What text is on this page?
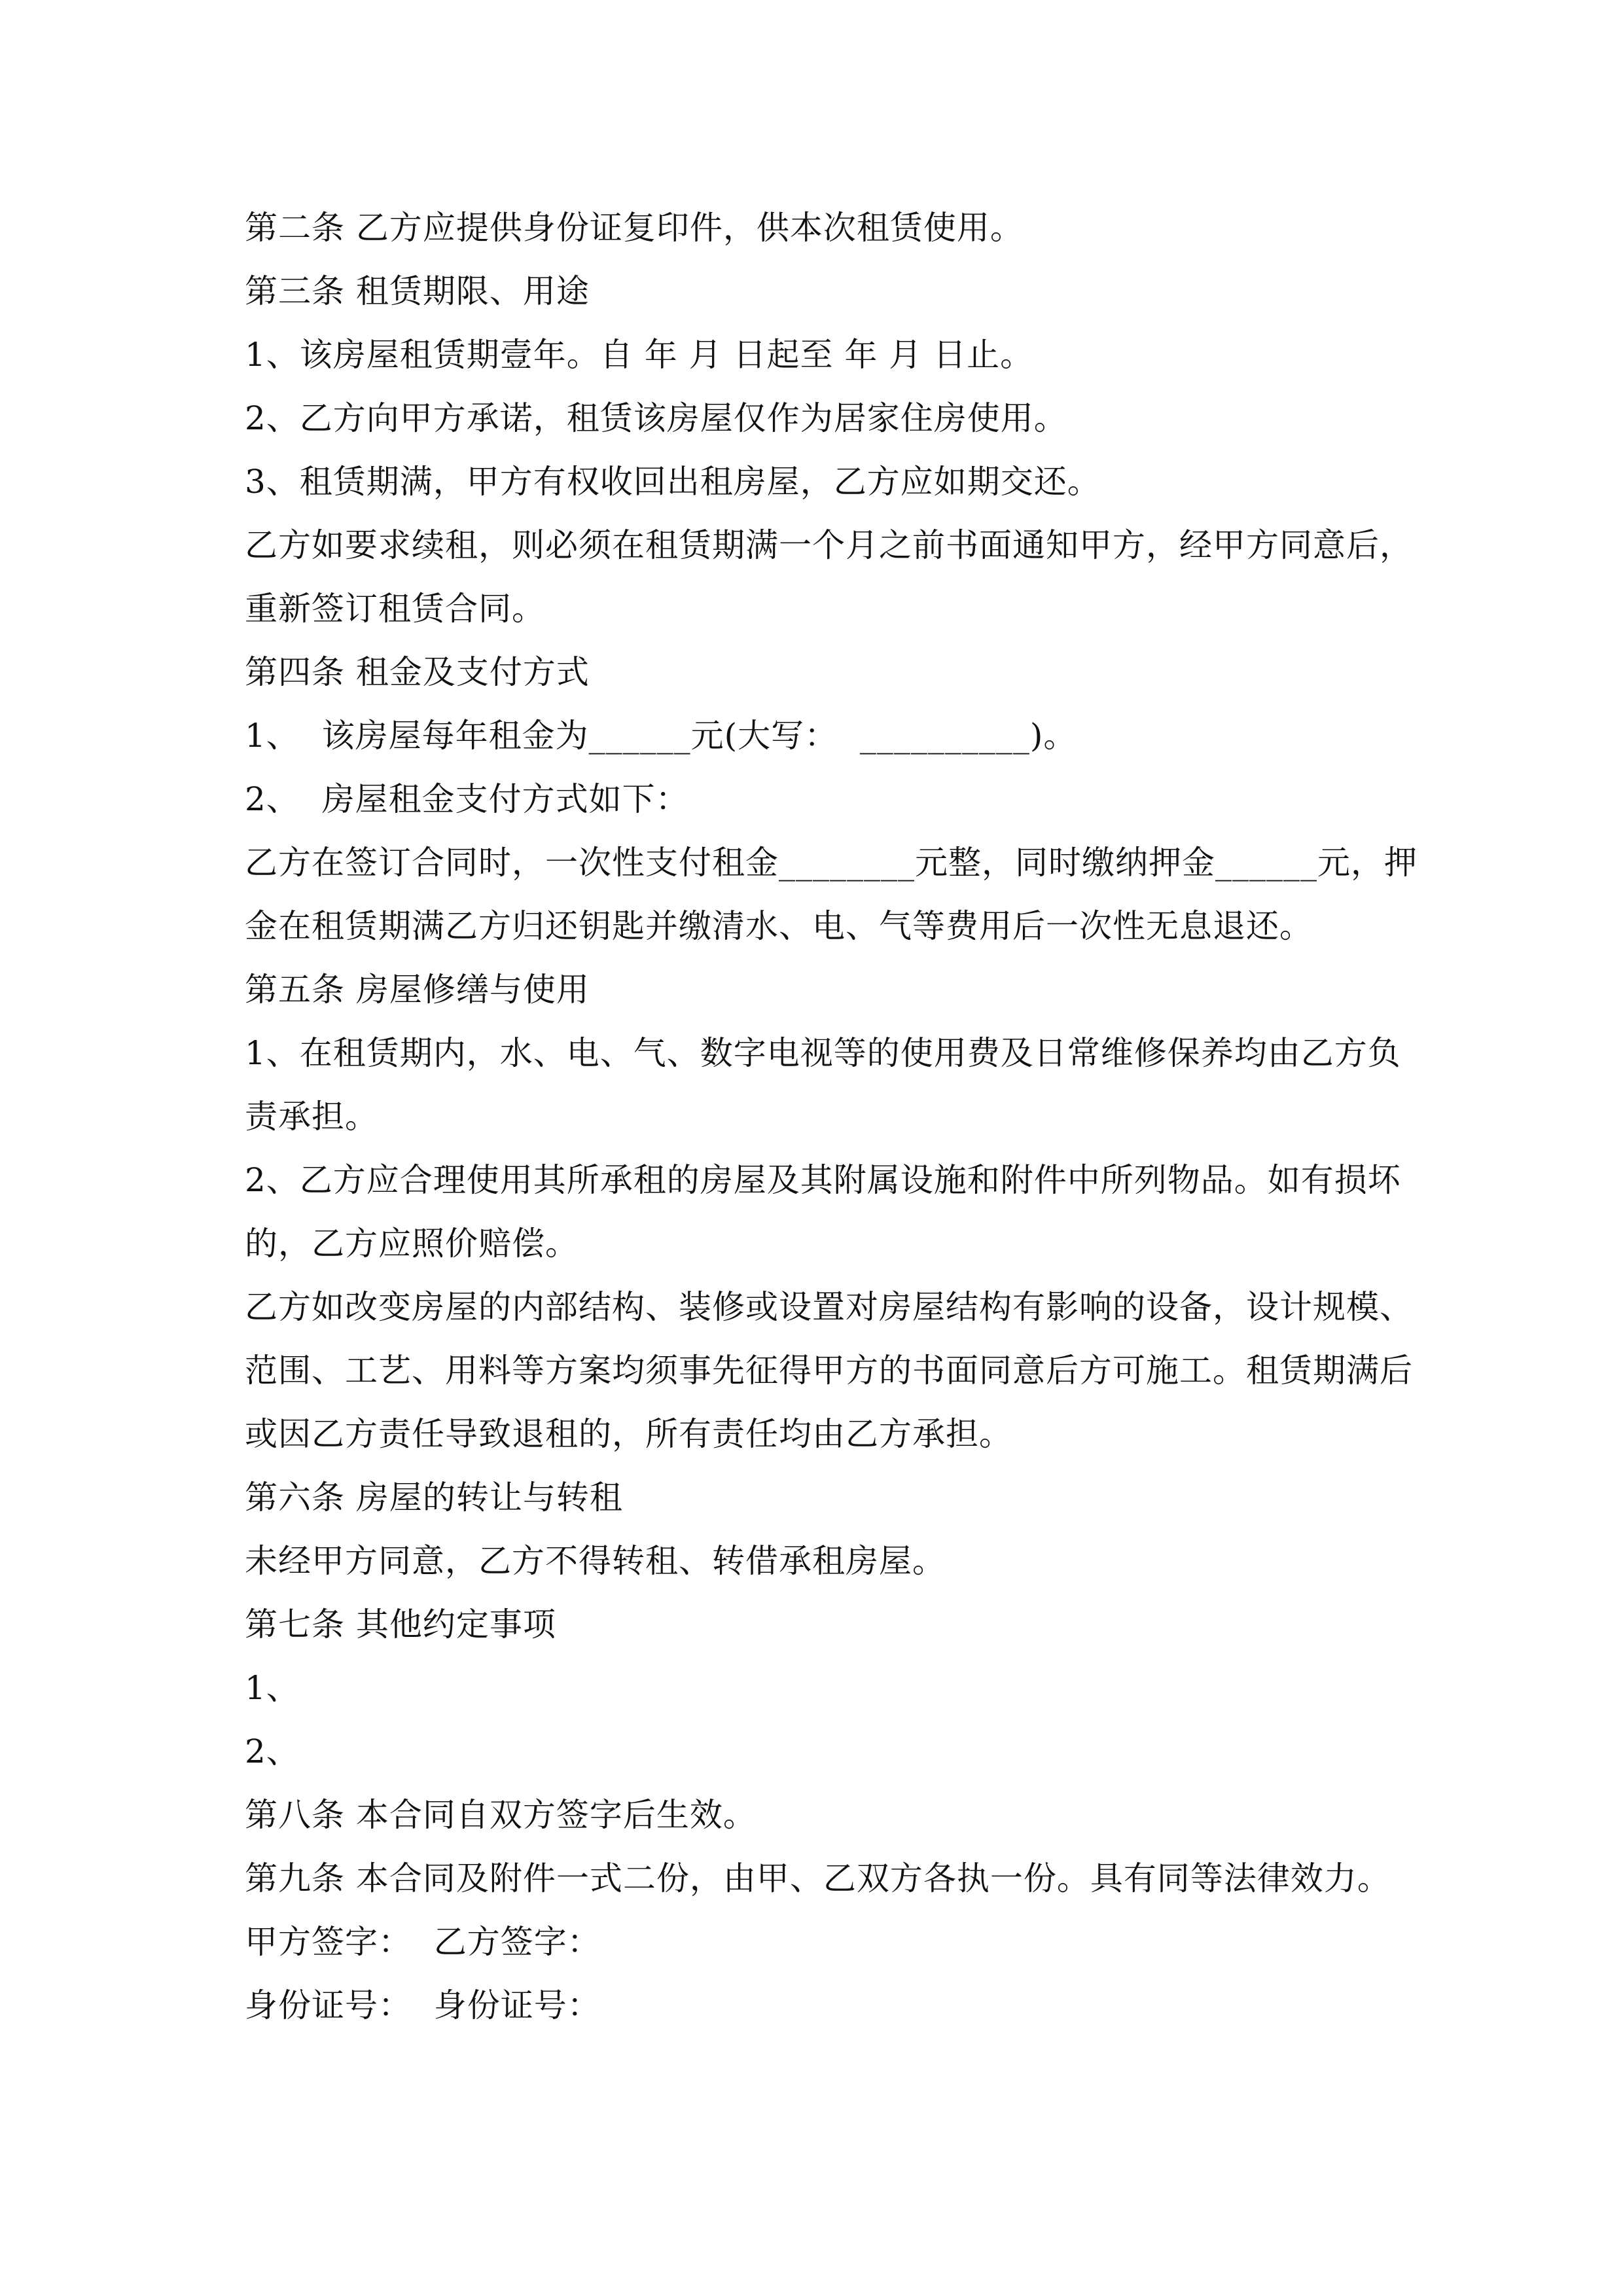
第二条 乙方应提供身份证复印件，供本次租赁使用。
第三条 租赁期限、用途
1、该房屋租赁期壹年。自 年 月 日起至 年 月 日止。
2、乙方向甲方承诺，租赁该房屋仅作为居家住房使用。
3、租赁期满，甲方有权收回出租房屋，乙方应如期交还。
乙方如要求续租，则必须在租赁期满一个月之前书面通知甲方，经甲方同意后，
重新签订租赁合同。
第四条 租金及支付方式
1、  该房屋每年租金为______元(大写：  __________)。
2、  房屋租金支付方式如下：
乙方在签订合同时，一次性支付租金________元整，同时缴纳押金______元，押
金在租赁期满乙方归还钥匙并缴清水、电、气等费用后一次性无息退还。
第五条 房屋修缮与使用
1、在租赁期内，水、电、气、数字电视等的使用费及日常维修保养均由乙方负
责承担。
2、乙方应合理使用其所承租的房屋及其附属设施和附件中所列物品。如有损坏
的，乙方应照价赔偿。
乙方如改变房屋的内部结构、装修或设置对房屋结构有影响的设备，设计规模、
范围、工艺、用料等方案均须事先征得甲方的书面同意后方可施工。租赁期满后
或因乙方责任导致退租的，所有责任均由乙方承担。
第六条 房屋的转让与转租
未经甲方同意，乙方不得转租、转借承租房屋。
第七条 其他约定事项
1、
2、
第八条 本合同自双方签字后生效。
第九条 本合同及附件一式二份，由甲、乙双方各执一份。具有同等法律效力。
甲方签字：  乙方签字：
身份证号：  身份证号：
